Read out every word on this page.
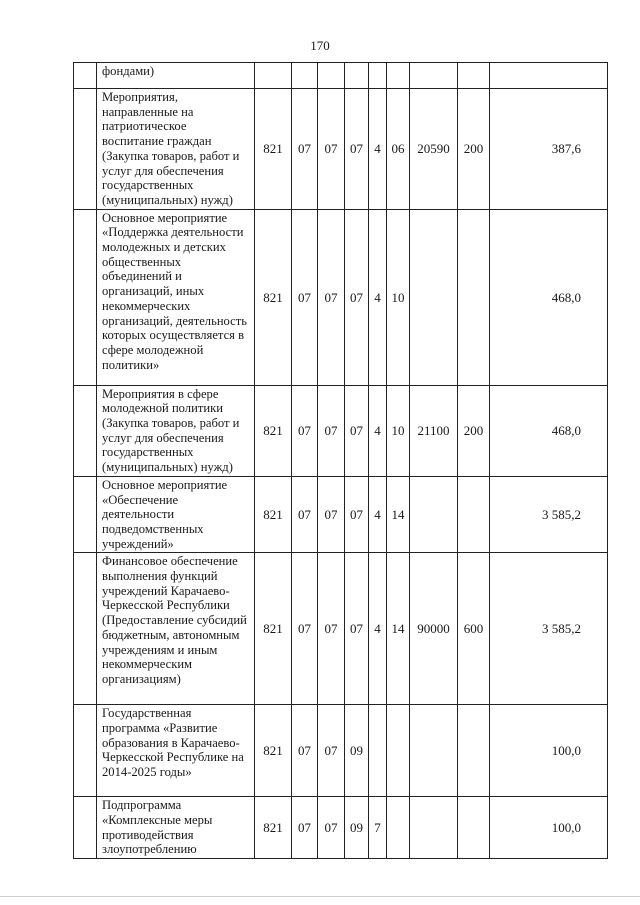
170
	фондами)									
	Мероприятия, направленные на патриотическое воспитание граждан (Закупка товаров, работ и услуг для обеспечения государственных (муниципальных) нужд)	821	07	07	07	4	06	20590	200	387,6
	Основное мероприятие «Поддержка деятельности молодежных и детских общественных объединений и организаций, иных некоммерческих организаций, деятельность которых осуществляется в сфере молодежной политики»	821	07	07	07	4	10			468,0
	Мероприятия в сфере молодежной политики (Закупка товаров, работ и услуг для обеспечения государственных (муниципальных) нужд)	821	07	07	07	4	10	21100	200	468,0
	Основное мероприятие «Обеспечение деятельности подведомственных учреждений»	821	07	07	07	4	14			3 585,2
	Финансовое обеспечение выполнения функций учреждений Карачаево-Черкесской Республики (Предоставление субсидий бюджетным, автономным учреждениям и иным некоммерческим организациям)	821	07	07	07	4	14	90000	600	3 585,2
	Государственная программа «Развитие образования в Карачаево-Черкесской Республике на 2014-2025 годы»	821	07	07	09					100,0
	Подпрограмма «Комплексные меры противодействия злоупотреблению	821	07	07	09	7				100,0
